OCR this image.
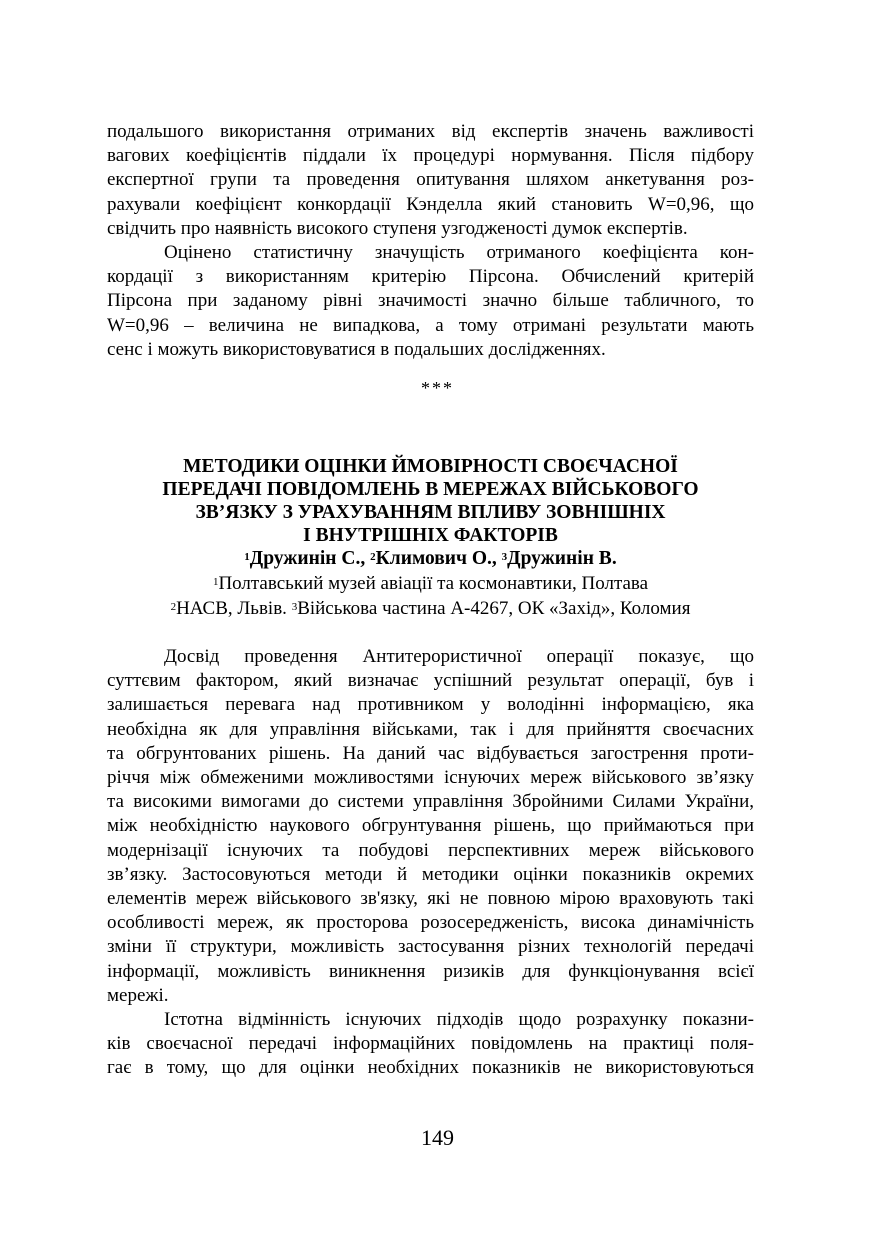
подальшого використання отриманих від експертів значень важливості
вагових коефіцієнтів піддали їх процедурі нормування. Після підбору
експертної групи та проведення опитування шляхом анкетування роз-
рахували коефіцієнт конкордації Кэнделла який становить W=0,96, що
свідчить про наявність високого ступеня узгодженості думок експертів.

Оцінено статистичну значущість отриманого коефіцієнта кон-
кордації з використанням критерію Пірсона. Обчислений критерій
Пірсона при заданому рівні значимості значно більше табличного, то
W=0,96 – величина не випадкова, а тому отримані результати мають
сенс і можуть використовуватися в подальших дослідженнях.

***
МЕТОДИКИ ОЦІНКИ ЙМОВІРНОСТІ СВОЄЧАСНОЇ
ПЕРЕДАЧІ ПОВІДОМЛЕНЬ В МЕРЕЖАХ ВІЙСЬКОВОГО
ЗВ’ЯЗКУ З УРАХУВАННЯМ ВПЛИВУ ЗОВНІШНІХ
І ВНУТРІШНІХ ФАКТОРІВ
$^1$Дружинін С., $^2$Климович О., $^3$Дружинін В.
$^1$Полтавський музей авіації та космонавтики, Полтава
$^2$НАСВ, Львів. $^3$Військова частина А-4267, ОК «Захід», Коломия

Досвід проведення Антитерористичної операції показує, що
суттєвим фактором, який визначає успішний результат операції, був і
залишається перевага над противником у володінні інформацією, яка
необхідна як для управління військами, так і для прийняття своєчасних
та обгрунтованих рішень. На даний час відбувається загострення проти-
річчя між обмеженими можливостями існуючих мереж військового зв’язку
та високими вимогами до системи управління Збройними Силами України,
між необхідністю наукового обгрунтування рішень, що приймаються при
модернізації існуючих та побудові перспективних мереж військового
зв’язку. Застосовуються методи й методики оцінки показників окремих
елементів мереж військового зв'язку, які не повною мірою враховують такі
особливості мереж, як просторова розосередженість, висока динамічність
зміни її структури, можливість застосування різних технологій передачі
інформації, можливість виникнення ризиків для функціонування всієї
мережі.

Істотна відмінність існуючих підходів щодо розрахунку показни-
ків своєчасної передачі інформаційних повідомлень на практиці поля-
гає в тому, що для оцінки необхідних показників не використовуються

149
